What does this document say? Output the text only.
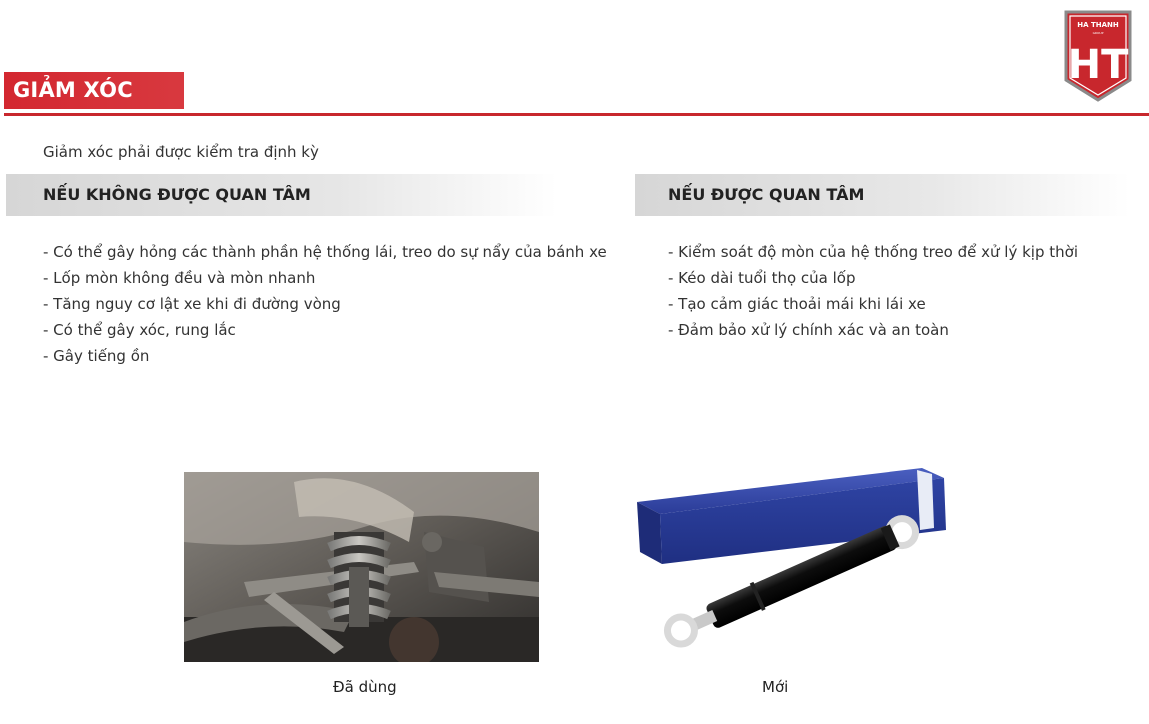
GIẢM XÓC
HA THANH
GROUP
HT
Giảm xóc phải được kiểm tra định kỳ
NẾU KHÔNG ĐƯỢC QUAN TÂM	NẾU ĐƯỢC QUAN TÂM
- Có thể gây hỏng các thành phần hệ thống lái, treo do sự nẩy của bánh xe
- Lốp mòn không đều và mòn nhanh
- Tăng nguy cơ lật xe khi đi đường vòng
- Có thể gây xóc, rung lắc
- Gây tiếng ồn
- Kiểm soát độ mòn của hệ thống treo để xử lý kịp thời
- Kéo dài tuổi thọ của lốp
- Tạo cảm giác thoải mái khi lái xe
- Đảm bảo xử lý chính xác và an toàn
Đã dùng	Mới
